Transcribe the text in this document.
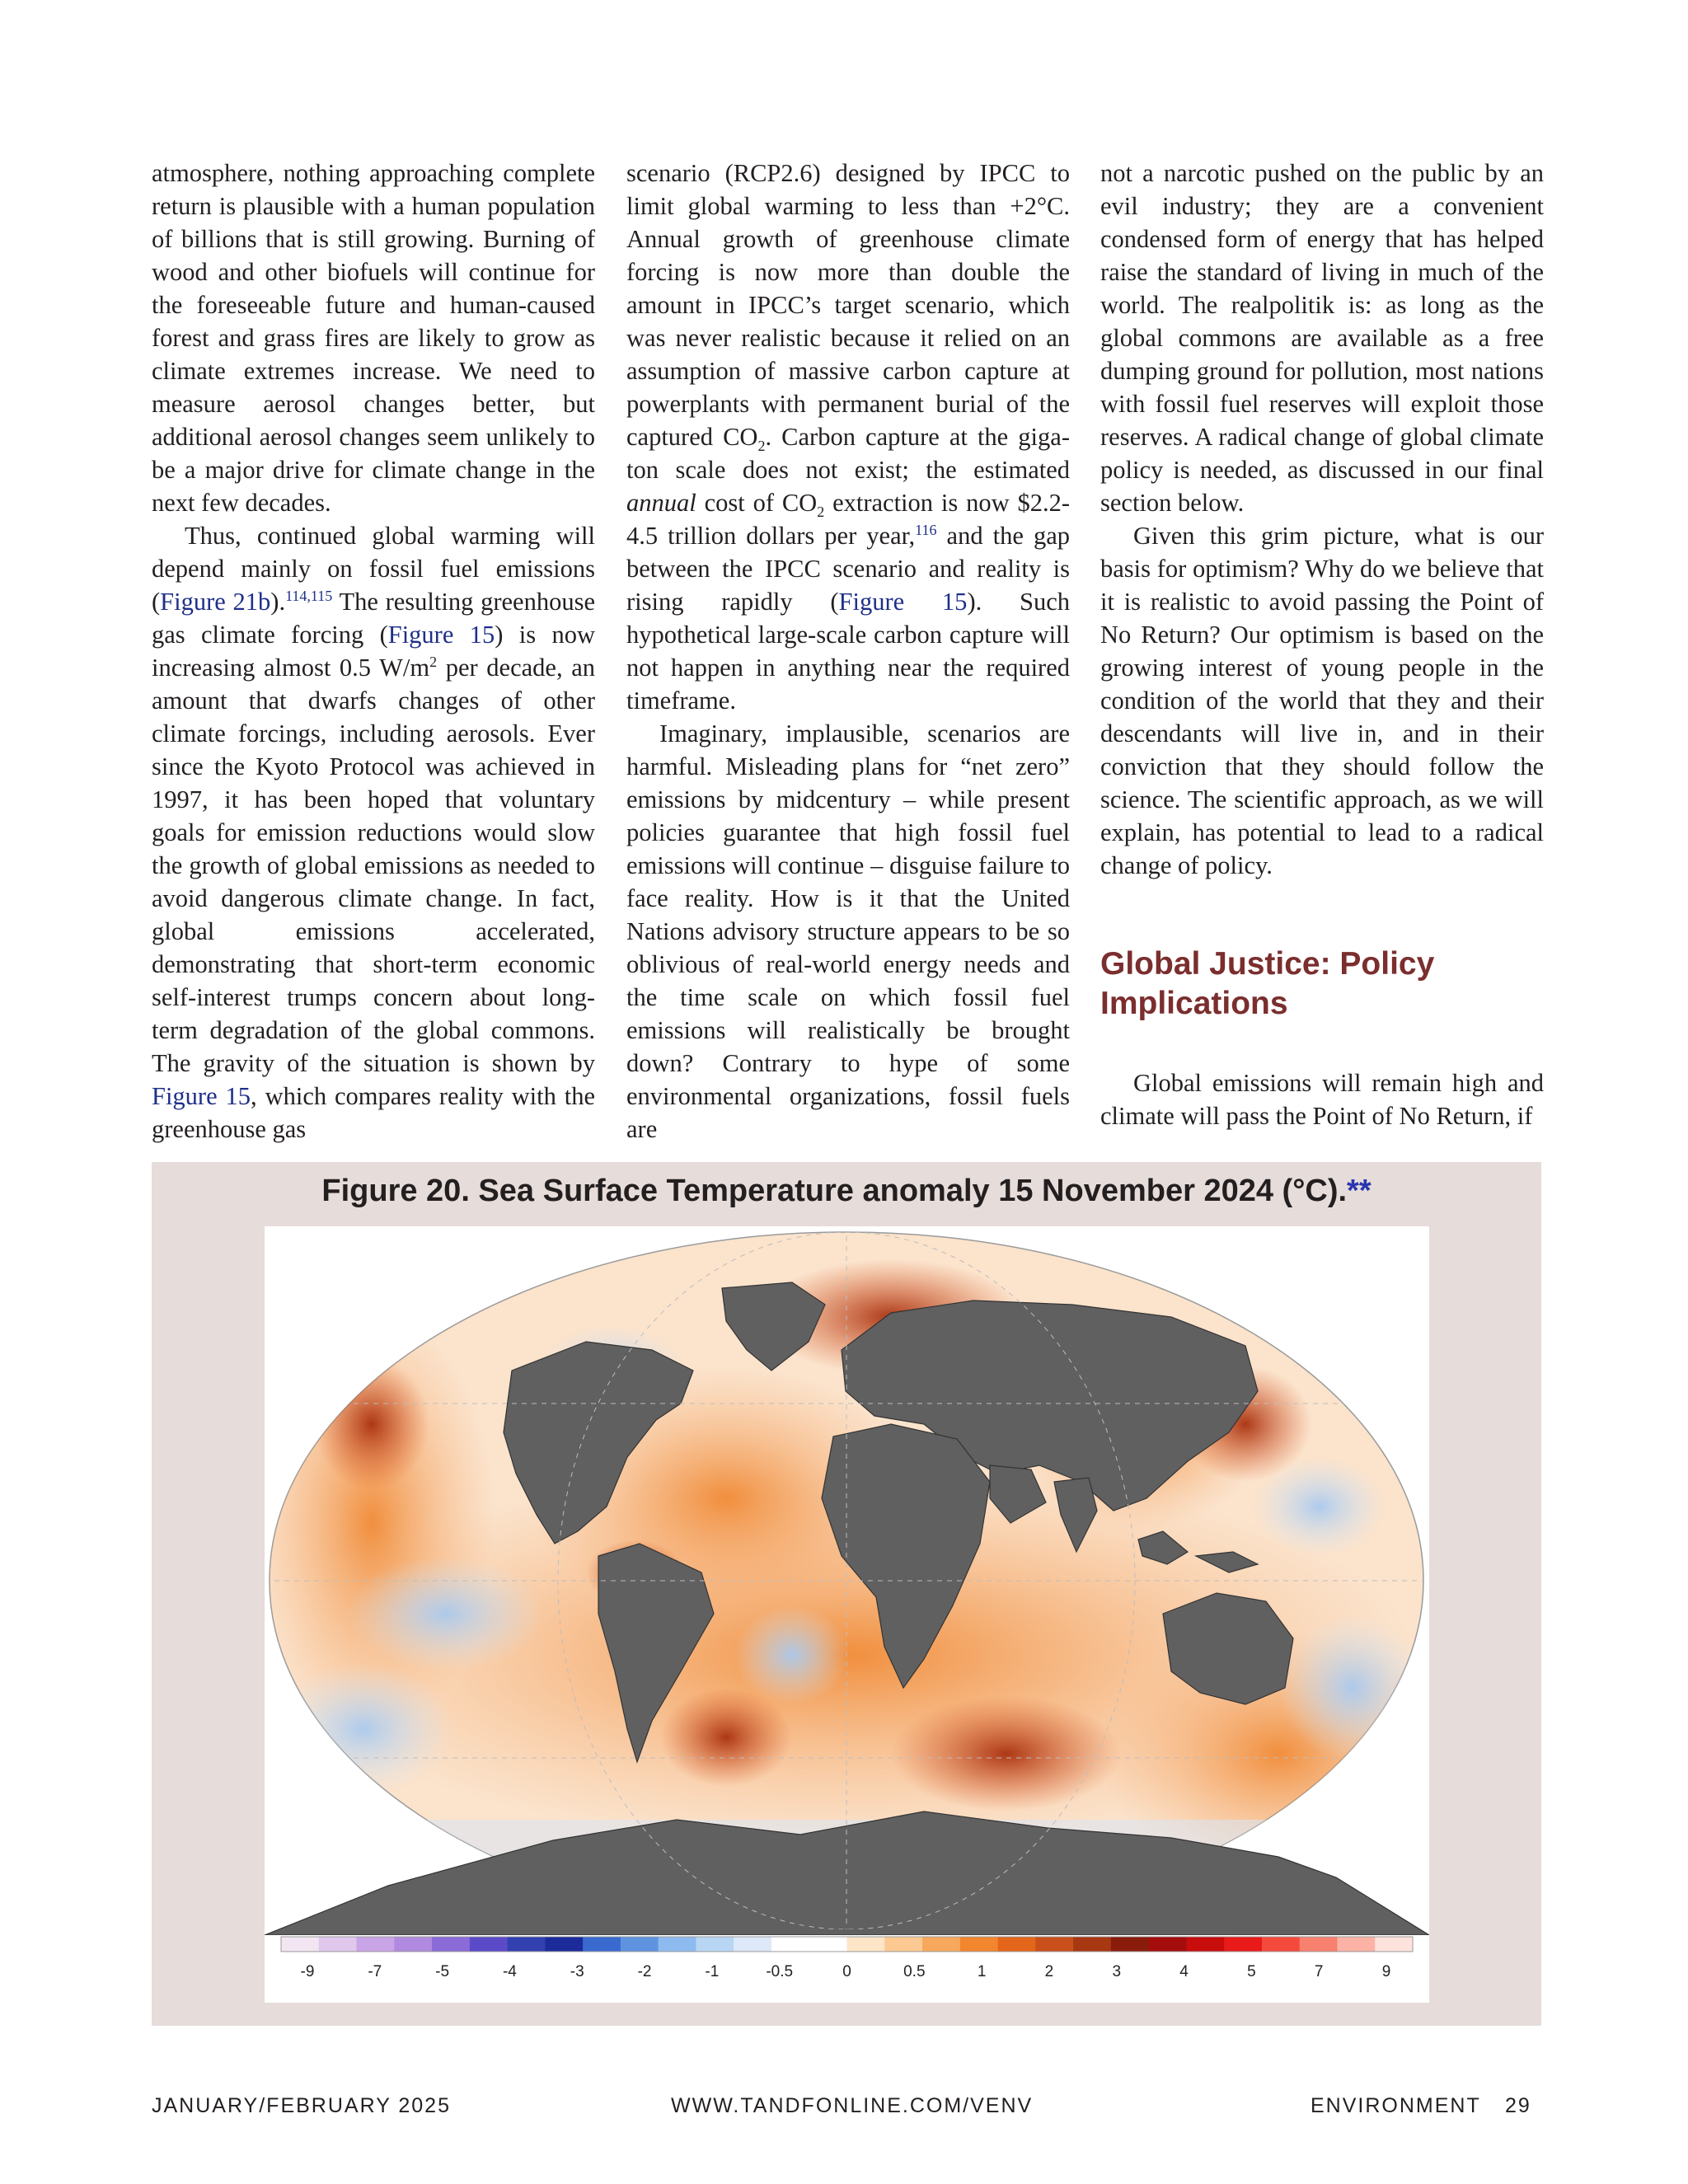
atmosphere, nothing approaching complete return is plausible with a human population of billions that is still growing. Burning of wood and other biofuels will continue for the foreseeable future and human-caused forest and grass fires are likely to grow as climate extremes increase. We need to measure aerosol changes better, but additional aerosol changes seem unlikely to be a major drive for climate change in the next few decades.

Thus, continued global warming will depend mainly on fossil fuel emissions (Figure 21b).$^{114,115}$ The resulting greenhouse gas climate forcing (Figure 15) is now increasing almost 0.5 $W/m^2$ per decade, an amount that dwarfs changes of other climate forcings, including aerosols. Ever since the Kyoto Protocol was achieved in 1997, it has been hoped that voluntary goals for emission reductions would slow the growth of global emissions as needed to avoid dangerous climate change. In fact, global emissions accelerated, demonstrating that short-term economic self-interest trumps concern about long-term degradation of the global commons. The gravity of the situation is shown by Figure 15, which compares reality with the greenhouse gas

scenario (RCP2.6) designed by IPCC to limit global warming to less than +2°C. Annual growth of greenhouse climate forcing is now more than double the amount in IPCC’s target scenario, which was never realistic because it relied on an assumption of massive carbon capture at powerplants with permanent burial of the captured $CO_2$. Carbon capture at the giga-ton scale does not exist; the estimated annual cost of $CO_2$ extraction is now $2.2-4.5 trillion dollars per year,$^{116}$ and the gap between the IPCC scenario and reality is rising rapidly (Figure 15). Such hypothetical large-scale carbon capture will not happen in anything near the required timeframe.

Imaginary, implausible, scenarios are harmful. Misleading plans for “net zero” emissions by midcentury – while present policies guarantee that high fossil fuel emissions will continue – disguise failure to face reality. How is it that the United Nations advisory structure appears to be so oblivious of real-world energy needs and the time scale on which fossil fuel emissions will realistically be brought down? Contrary to hype of some environmental organizations, fossil fuels are

not a narcotic pushed on the public by an evil industry; they are a convenient condensed form of energy that has helped raise the standard of living in much of the world. The realpolitik is: as long as the global commons are available as a free dumping ground for pollution, most nations with fossil fuel reserves will exploit those reserves. A radical change of global climate policy is needed, as discussed in our final section below.

Given this grim picture, what is our basis for optimism? Why do we believe that it is realistic to avoid passing the Point of No Return? Our optimism is based on the growing interest of young people in the condition of the world that they and their descendants will live in, and in their conviction that they should follow the science. The scientific approach, as we will explain, has potential to lead to a radical change of policy.

Global Justice: Policy Implications

Global emissions will remain high and climate will pass the Point of No Return, if

Figure 20. Sea Surface Temperature anomaly 15 November 2024 (°C).**
-9	-7	-5	-4	-3	-2	-1	-0.5	0	0.5	1	2	3	4	5	7	9
JANUARY/FEBRUARY 2025	WWW.TANDFONLINE.COM/VENV	ENVIRONMENT 29
